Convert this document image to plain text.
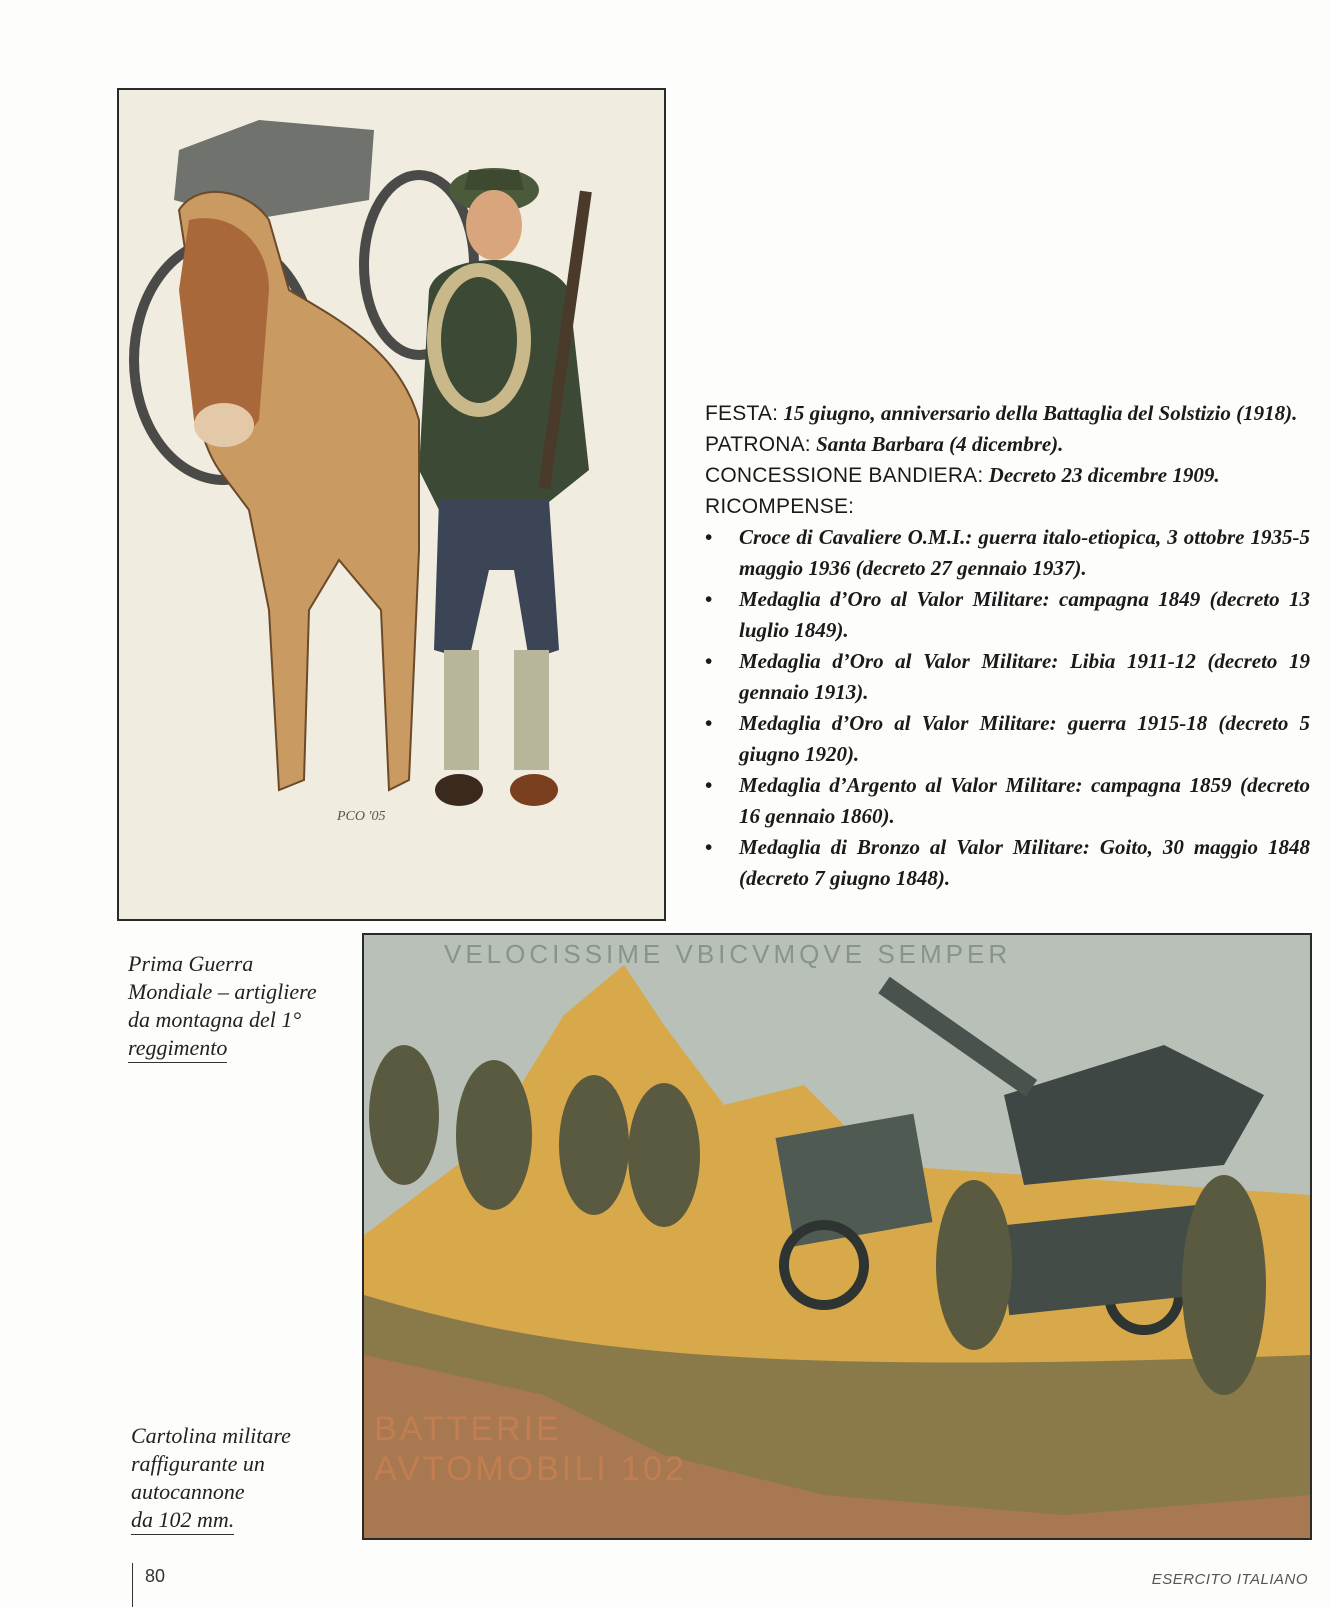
PCO '05

FESTA: 15 giugno, anniversario della Battaglia del Solstizio (1918).

PATRONA: Santa Barbara (4 dicembre).

CONCESSIONE BANDIERA: Decreto 23 dicembre 1909.

RICOMPENSE:

• Croce di Cavaliere O.M.I.: guerra italo-etiopica, 3 ottobre 1935-5 maggio 1936 (decreto 27 gennaio 1937).
• Medaglia d’Oro al Valor Militare: campagna 1849 (decreto 13 luglio 1849).
• Medaglia d’Oro al Valor Militare: Libia 1911-12 (decreto 19 gennaio 1913).
• Medaglia d’Oro al Valor Militare: guerra 1915-18 (decreto 5 giugno 1920).
• Medaglia d’Argento al Valor Militare: campagna 1859 (decreto 16 gennaio 1860).
• Medaglia di Bronzo al Valor Militare: Goito, 30 maggio 1848 (decreto 7 giugno 1848).
Prima Guerra
Mondiale – artigliere
da montagna del 1°
reggimento
VELOCISSIME VBICVMQVE SEMPER
BATTERIE
AVTOMOBILI 102
Cartolina militare
raffigurante un
autocannone
da 102 mm.
80	ESERCITO ITALIANO
